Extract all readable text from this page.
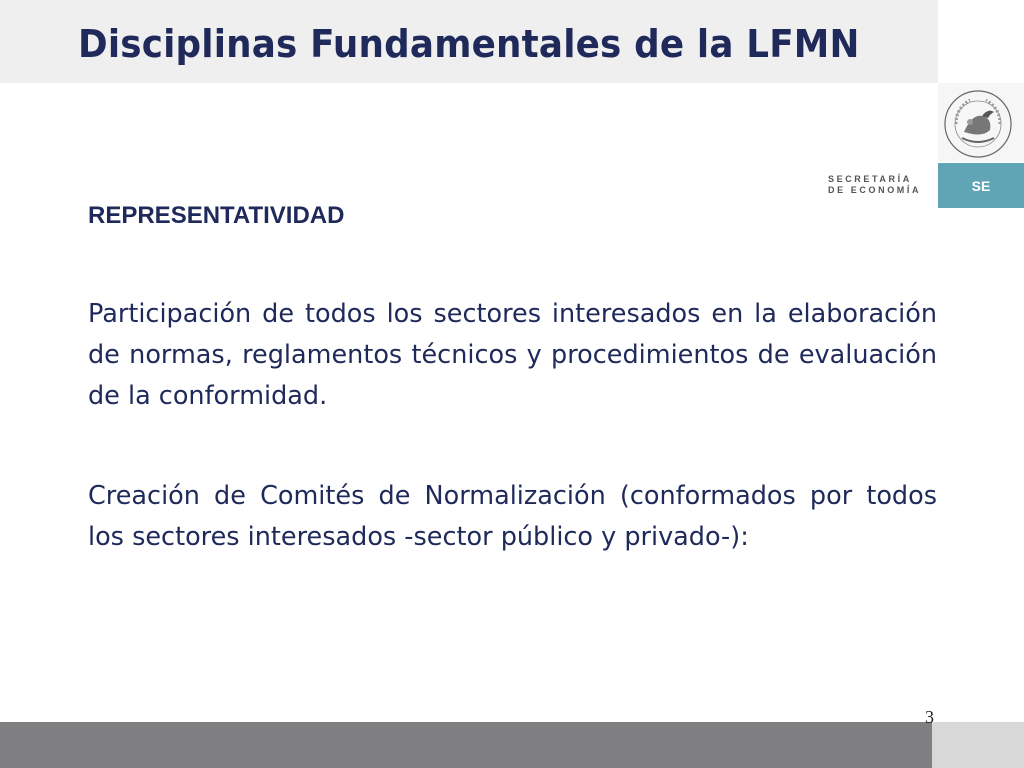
Disciplinas Fundamentales de la LFMN
SECRETARÍA
DE ECONOMÍA	SE
REPRESENTATIVIDAD
Participación de todos los sectores interesados en la elaboración de normas, reglamentos técnicos y procedimientos de evaluación de la conformidad.
Creación de Comités de Normalización (conformados por todos los sectores interesados -sector público y privado-):
3
